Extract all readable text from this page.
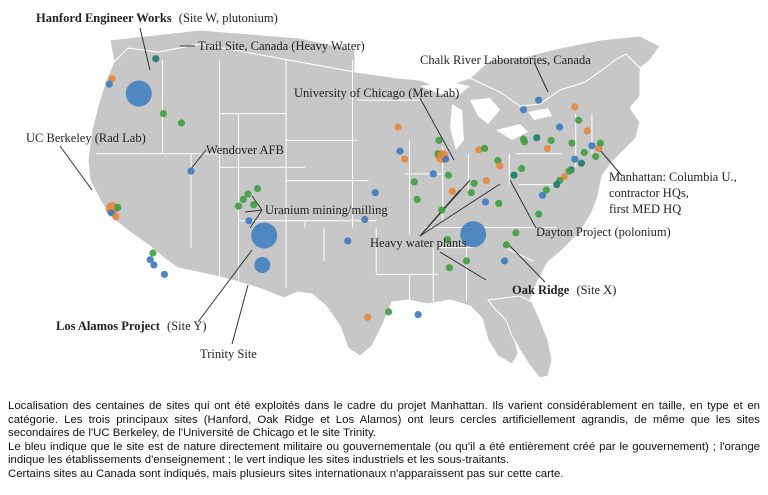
Hanford Engineer Works (Site W, plutonium)
Trail Site, Canada (Heavy Water)
Chalk River Laboratories, Canada
University of Chicago (Met Lab)
UC Berkeley (Rad Lab)
Wendover AFB
Manhattan: Columbia U.,
contractor HQs,
first MED HQ
Uranium mining/milling
Dayton Project (polonium)
Heavy water plants
Oak Ridge (Site X)
Los Alamos Project (Site Y)
Trinity Site

Localisation des centaines de sites qui ont été exploités dans le cadre du projet Manhattan. Ils varient considérablement en taille, en type et en catégorie. Les trois principaux sites (Hanford, Oak Ridge et Los Alamos) ont leurs cercles artificiellement agrandis, de même que les sites secondaires de l'UC Berkeley, de l'Université de Chicago et le site Trinity.

Le bleu indique que le site est de nature directement militaire ou gouvernementale (ou qu'il a été entièrement créé par le gouvernement) ; l'orange indique les établissements d'enseignement ; le vert indique les sites industriels et les sous-traitants.

Certains sites au Canada sont indiqués, mais plusieurs sites internationaux n'apparaissent pas sur cette carte.
